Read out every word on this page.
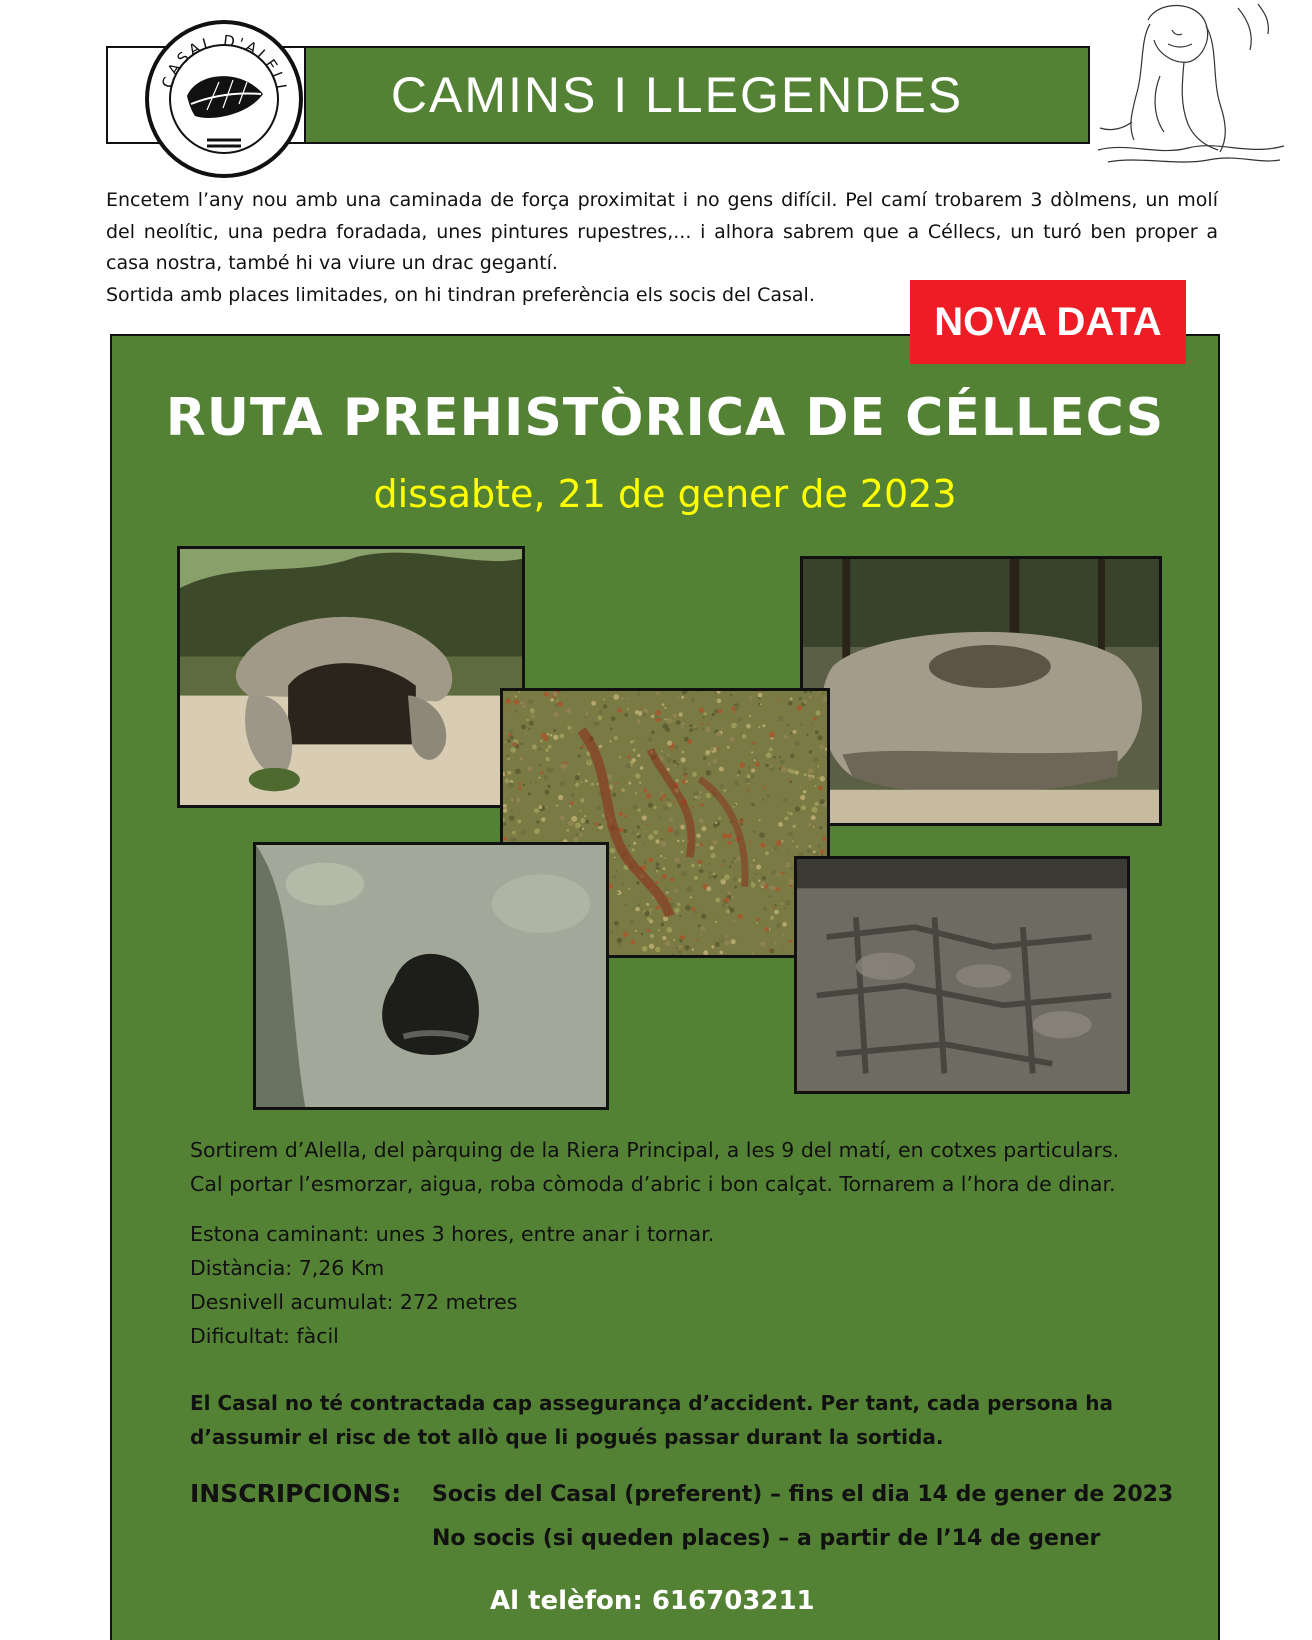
CAMINS I LLEGENDES
CASAL D'ALELL

Encetem l’any nou amb una caminada de força proximitat i no gens difícil. Pel camí trobarem 3 dòlmens, un molí del neolític, una pedra foradada, unes pintures rupestres,... i alhora sabrem que a Céllecs, un turó ben proper a casa nostra, també hi va viure un drac gegantí.

Sortida amb places limitades, on hi tindran preferència els socis del Casal.

NOVA DATA
RUTA PREHISTÒRICA DE CÉLLECS
dissabte, 21 de gener de 2023
Sortirem d’Alella, del pàrquing de la Riera Principal, a les 9 del matí, en cotxes particulars.
Cal portar l’esmorzar, aigua, roba còmoda d’abric i bon calçat. Tornarem a l’hora de dinar.
Estona caminant: unes 3 hores, entre anar i tornar.
Distància: 7,26 Km
Desnivell acumulat: 272 metres
Dificultat: fàcil
El Casal no té contractada cap assegurança d’accident. Per tant, cada persona ha d’assumir el risc de tot allò que li pogués passar durant la sortida.
INSCRIPCIONS: Socis del Casal (preferent) – fins el dia 14 de gener de 2023
No socis (si queden places) – a partir de l’14 de gener
Al telèfon: 616703211
